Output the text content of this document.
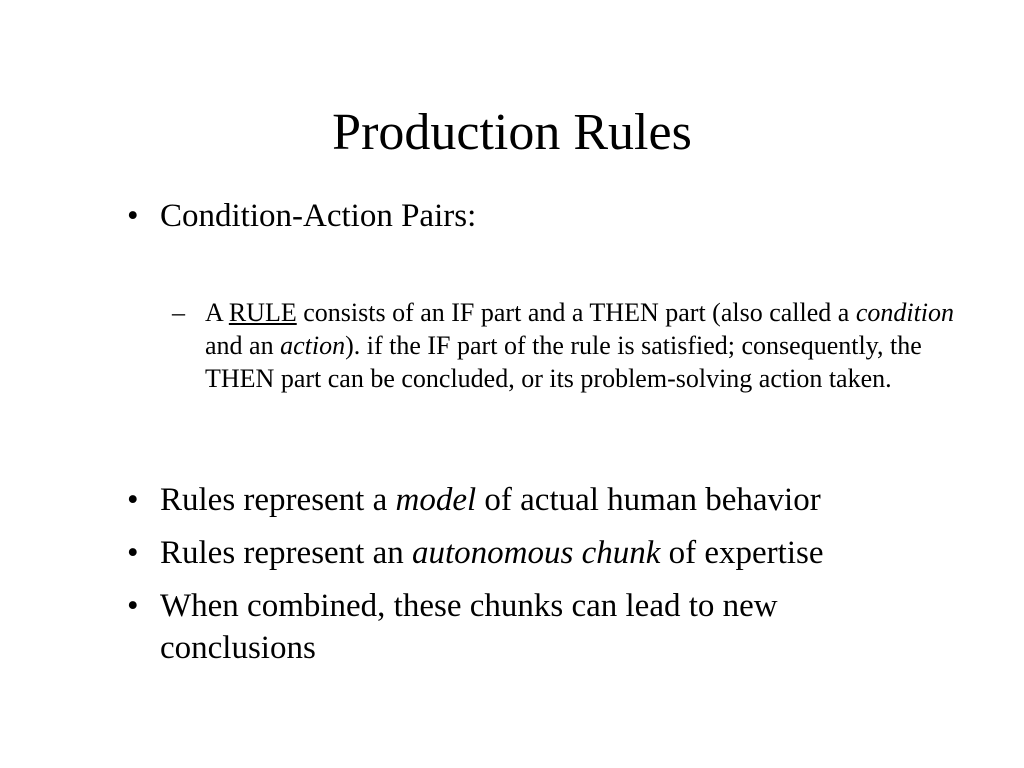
Production Rules
• Condition-Action Pairs:
– A RULE consists of an IF part and a THEN part (also called a condition and an action). if the IF part of the rule is satisfied; consequently, the THEN part can be concluded, or its problem-solving action taken.
• Rules represent a model of actual human behavior
• Rules represent an autonomous chunk of expertise
• When combined, these chunks can lead to new conclusions
